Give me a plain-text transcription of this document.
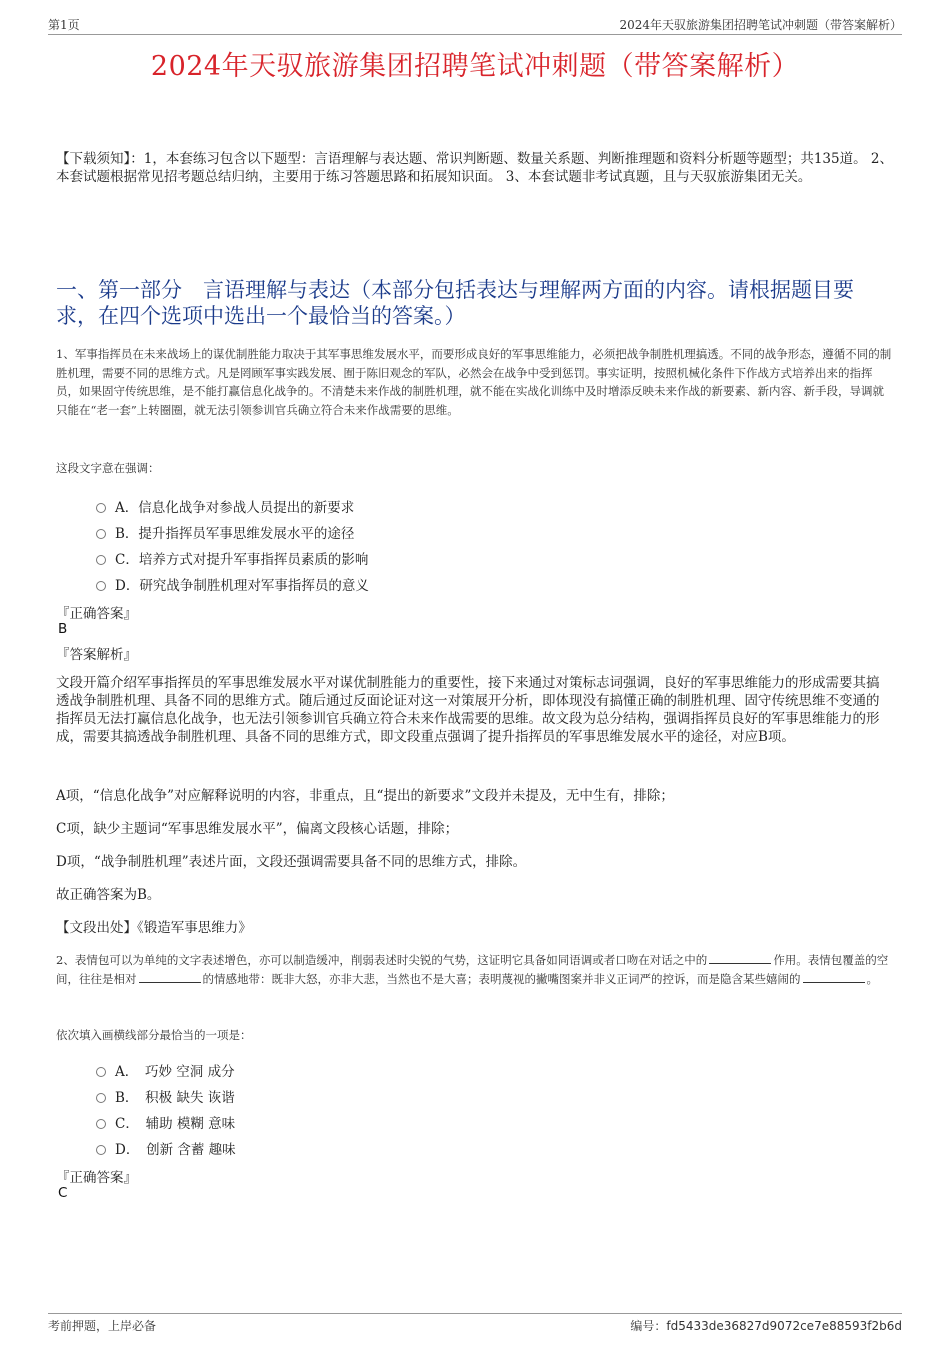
第1页	2024年天驭旅游集团招聘笔试冲刺题（带答案解析）
2024年天驭旅游集团招聘笔试冲刺题（带答案解析）
【下载须知】：1，本套练习包含以下题型：言语理解与表达题、常识判断题、数量关系题、判断推理题和资料分析题等题型；共135道。 2、本套试题根据常见招考题总结归纳，主要用于练习答题思路和拓展知识面。 3、本套试题非考试真题，且与天驭旅游集团无关。
一、第一部分　言语理解与表达（本部分包括表达与理解两方面的内容。请根据题目要求，在四个选项中选出一个最恰当的答案。）
1、军事指挥员在未来战场上的谋优制胜能力取决于其军事思维发展水平，而要形成良好的军事思维能力，必须把战争制胜机理搞透。不同的战争形态，遵循不同的制胜机理，需要不同的思维方式。凡是罔顾军事实践发展、囿于陈旧观念的军队，必然会在战争中受到惩罚。事实证明，按照机械化条件下作战方式培养出来的指挥员，如果固守传统思维，是不能打赢信息化战争的。不清楚未来作战的制胜机理，就不能在实战化训练中及时增添反映未来作战的新要素、新内容、新手段，导调就只能在“老一套”上转圈圈，就无法引领参训官兵确立符合未来作战需要的思维。
这段文字意在强调：
A．信息化战争对参战人员提出的新要求
B．提升指挥员军事思维发展水平的途径
C．培养方式对提升军事指挥员素质的影响
D．研究战争制胜机理对军事指挥员的意义
『正确答案』
B
『答案解析』
文段开篇介绍军事指挥员的军事思维发展水平对谋优制胜能力的重要性，接下来通过对策标志词强调，良好的军事思维能力的形成需要其搞透战争制胜机理、具备不同的思维方式。随后通过反面论证对这一对策展开分析，即体现没有搞懂正确的制胜机理、固守传统思维不变通的指挥员无法打赢信息化战争，也无法引领参训官兵确立符合未来作战需要的思维。故文段为总分结构，强调指挥员良好的军事思维能力的形成，需要其搞透战争制胜机理、具备不同的思维方式，即文段重点强调了提升指挥员的军事思维发展水平的途径，对应B项。
A项，“信息化战争”对应解释说明的内容，非重点，且“提出的新要求”文段并未提及，无中生有，排除；
C项，缺少主题词“军事思维发展水平”，偏离文段核心话题，排除；
D项，“战争制胜机理”表述片面，文段还强调需要具备不同的思维方式，排除。
故正确答案为B。
【文段出处】《锻造军事思维力》
2、表情包可以为单纯的文字表述增色，亦可以制造缓冲，削弱表述时尖锐的气势，这证明它具备如同语调或者口吻在对话之中的	作用。表情包覆盖的空间，往往是相对	的情感地带：既非大怒，亦非大悲，当然也不是大喜；表明蔑视的撇嘴图案并非义正词严的控诉，而是隐含某些嬉闹的	。
依次填入画横线部分最恰当的一项是：
A．　巧妙 空洞 成分
B．　积极 缺失 诙谐
C．　辅助 模糊 意味
D．　创新 含蓄 趣味
『正确答案』
C
考前押题，上岸必备	编号：fd5433de36827d9072ce7e88593f2b6d
